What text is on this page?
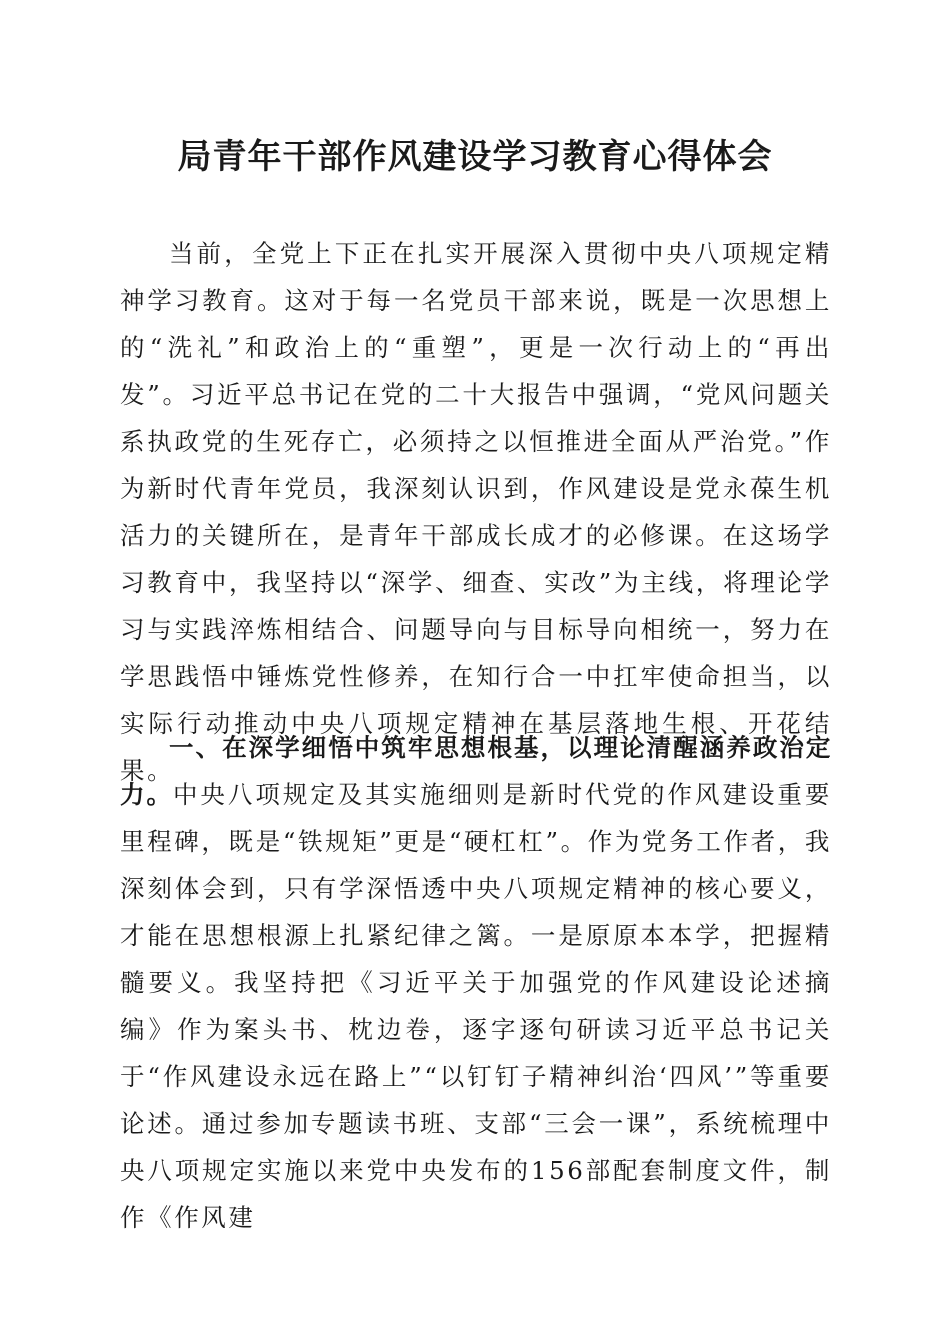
局青年干部作风建设学习教育心得体会

当前，全党上下正在扎实开展深入贯彻中央八项规定精神学习教育。这对于每一名党员干部来说，既是一次思想上的“洗礼”和政治上的“重塑”，更是一次行动上的“再出发”。习近平总书记在党的二十大报告中强调，“党风问题关系执政党的生死存亡，必须持之以恒推进全面从严治党。”作为新时代青年党员，我深刻认识到，作风建设是党永葆生机活力的关键所在，是青年干部成长成才的必修课。在这场学习教育中，我坚持以“深学、细查、实改”为主线，将理论学习与实践淬炼相结合、问题导向与目标导向相统一，努力在学思践悟中锤炼党性修养，在知行合一中扛牢使命担当，以实际行动推动中央八项规定精神在基层落地生根、开花结果。

一、在深学细悟中筑牢思想根基，以理论清醒涵养政治定力。中央八项规定及其实施细则是新时代党的作风建设重要里程碑，既是“铁规矩”更是“硬杠杠”。作为党务工作者，我深刻体会到，只有学深悟透中央八项规定精神的核心要义，才能在思想根源上扎紧纪律之篱。一是原原本本学，把握精髓要义。我坚持把《习近平关于加强党的作风建设论述摘编》作为案头书、枕边卷，逐字逐句研读习近平总书记关于“作风建设永远在路上”“以钉钉子精神纠治‘四风’”等重要论述。通过参加专题读书班、支部“三会一课”，系统梳理中央八项规定实施以来党中央发布的156部配套制度文件，制作《作风建
